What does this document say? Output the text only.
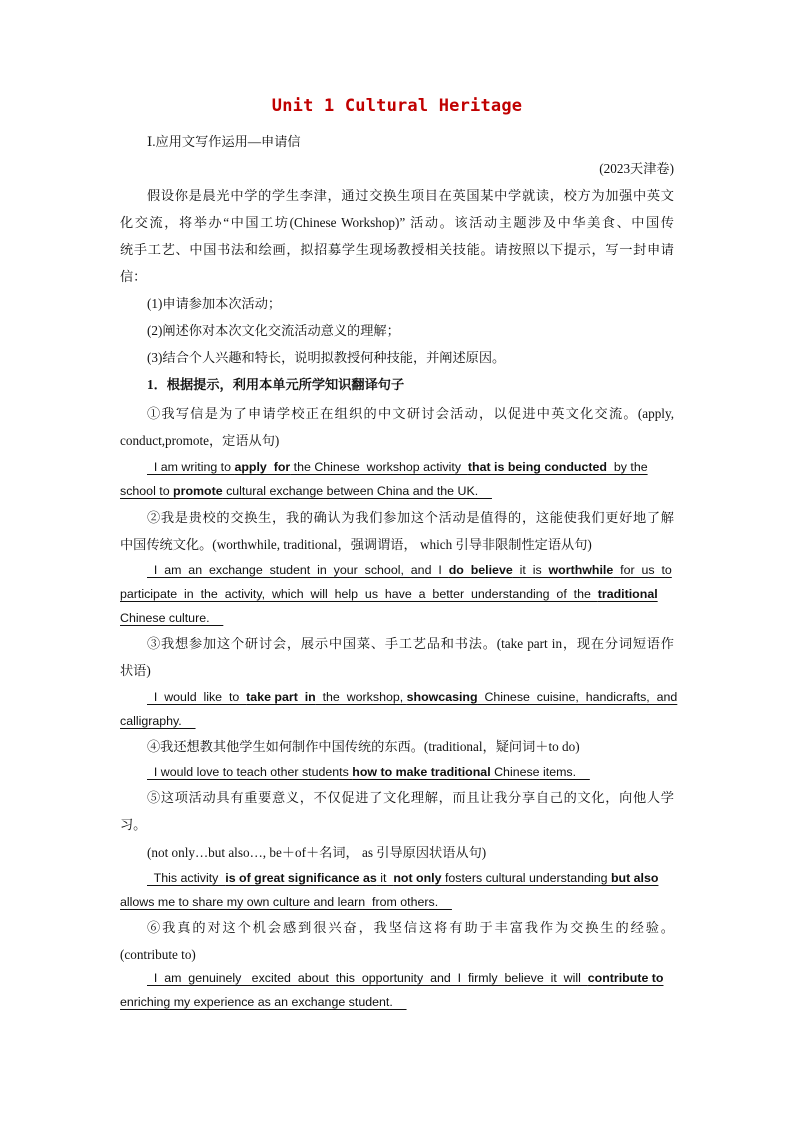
Unit 1 Cultural Heritage
Ⅰ.应用文写作运用—申请信
(2023天津卷)
假设你是晨光中学的学生李津，通过交换生项目在英国某中学就读，校方为加强中英文
化交流，将举办“中国工坊(Chinese Workshop)” 活动。该活动主题涉及中华美食、中国传
统手工艺、中国书法和绘画，拟招募学生现场教授相关技能。请按照以下提示，写一封申请
信：
(1)申请参加本次活动；
(2)阐述你对本次文化交流活动意义的理解；
(3)结合个人兴趣和特长，说明拟教授何种技能，并阐述原因。
1．根据提示，利用本单元所学知识翻译句子
①我写信是为了申请学校正在组织的中文研讨会活动，以促进中英文化交流。(apply,
conduct,promote，定语从句)
I am writing to apply  for the Chinese  workshop activity  that is being conducted  by the
school to promote cultural exchange between China and the UK.
②我是贵校的交换生，我的确认为我们参加这个活动是值得的，这能使我们更好地了解
中国传统文化。(worthwhile, traditional，强调谓语， which 引导非限制性定语从句)
I  am  an  exchange  student  in  your  school,  and  I  do  believe  it  is  worthwhile  for  us  to
participate  in  the  activity,  which  will  help  us  have  a  better  understanding  of  the  traditional
Chinese culture.
③我想参加这个研讨会，展示中国菜、手工艺品和书法。(take part in，现在分词短语作
状语)
I  would  like  to  take part  in  the  workshop, showcasing  Chinese  cuisine,  handicrafts,  and
calligraphy.
④我还想教其他学生如何制作中国传统的东西。(traditional，疑问词＋to do)
I would love to teach other students how to make traditional Chinese items.
⑤这项活动具有重要意义，不仅促进了文化理解，而且让我分享自己的文化，向他人学
习。
(not only…but also…, be＋of＋名词， as 引导原因状语从句)
This activity  is of great significance as it  not only fosters cultural understanding but also
allows me to share my own culture and learn  from others.
⑥我真的对这个机会感到很兴奋，我坚信这将有助于丰富我作为交换生的经验。
(contribute to)
I  am  genuinely   excited  about  this  opportunity  and  I  firmly  believe  it  will  contribute to
enriching my experience as an exchange student.
